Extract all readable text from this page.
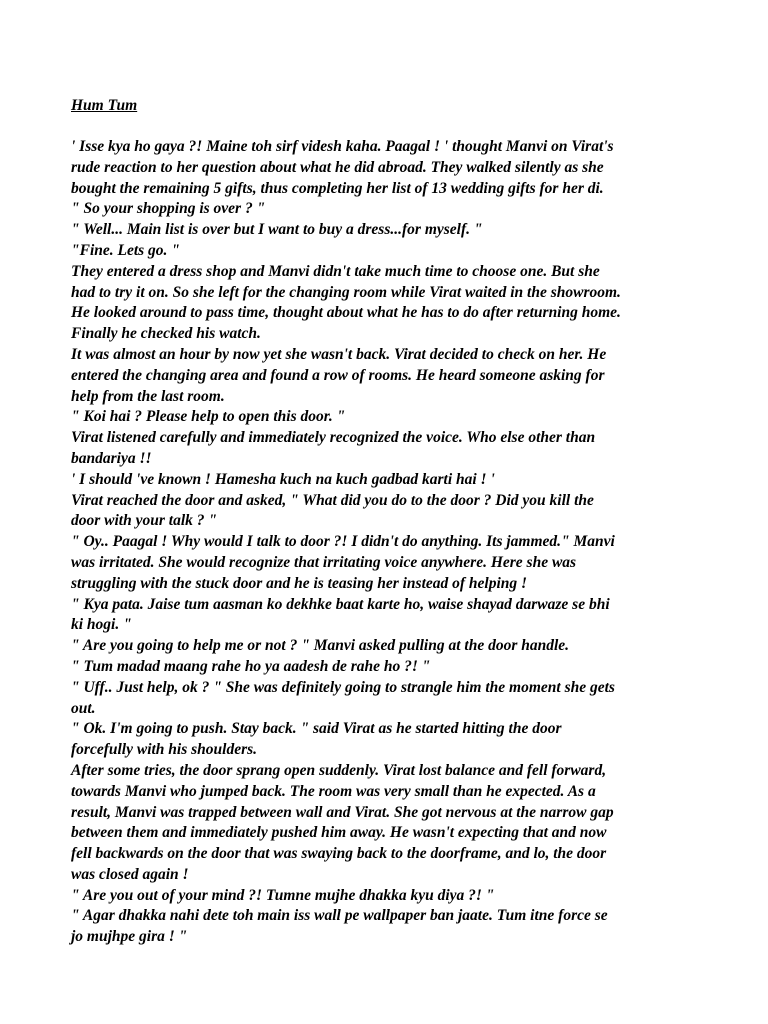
Hum Tum
' Isse kya ho gaya ?! Maine toh sirf videsh kaha. Paagal ! ' thought Manvi on Virat's
rude reaction to her question about what he did abroad. They walked silently as she
bought the remaining 5 gifts, thus completing her list of 13 wedding gifts for her di.
" So your shopping is over ? "
" Well... Main list is over but I want to buy a dress...for myself. "
"Fine. Lets go. "
They entered a dress shop and Manvi didn't take much time to choose one. But she
had to try it on. So she left for the changing room while Virat waited in the showroom.
He looked around to pass time, thought about what he has to do after returning home.
Finally he checked his watch.
It was almost an hour by now yet she wasn't back. Virat decided to check on her. He
entered the changing area and found a row of rooms. He heard someone asking for
help from the last room.
" Koi hai ? Please help to open this door. "
Virat listened carefully and immediately recognized the voice. Who else other than
bandariya !!
' I should 've known ! Hamesha kuch na kuch gadbad karti hai ! '
Virat reached the door and asked, " What did you do to the door ? Did you kill the
door with your talk ? "
" Oy.. Paagal ! Why would I talk to door ?! I didn't do anything. Its jammed." Manvi
was irritated. She would recognize that irritating voice anywhere. Here she was
struggling with the stuck door and he is teasing her instead of helping !
" Kya pata. Jaise tum aasman ko dekhke baat karte ho, waise shayad darwaze se bhi
ki hogi. "
" Are you going to help me or not ? " Manvi asked pulling at the door handle.
" Tum madad maang rahe ho ya aadesh de rahe ho ?! "
" Uff.. Just help, ok ? " She was definitely going to strangle him the moment she gets
out.
" Ok. I'm going to push. Stay back. " said Virat as he started hitting the door
forcefully with his shoulders.
After some tries, the door sprang open suddenly. Virat lost balance and fell forward,
towards Manvi who jumped back. The room was very small than he expected. As a
result, Manvi was trapped between wall and Virat. She got nervous at the narrow gap
between them and immediately pushed him away. He wasn't expecting that and now
fell backwards on the door that was swaying back to the doorframe, and lo, the door
was closed again !
" Are you out of your mind ?! Tumne mujhe dhakka kyu diya ?! "
" Agar dhakka nahi dete toh main iss wall pe wallpaper ban jaate. Tum itne force se
jo mujhpe gira ! "
